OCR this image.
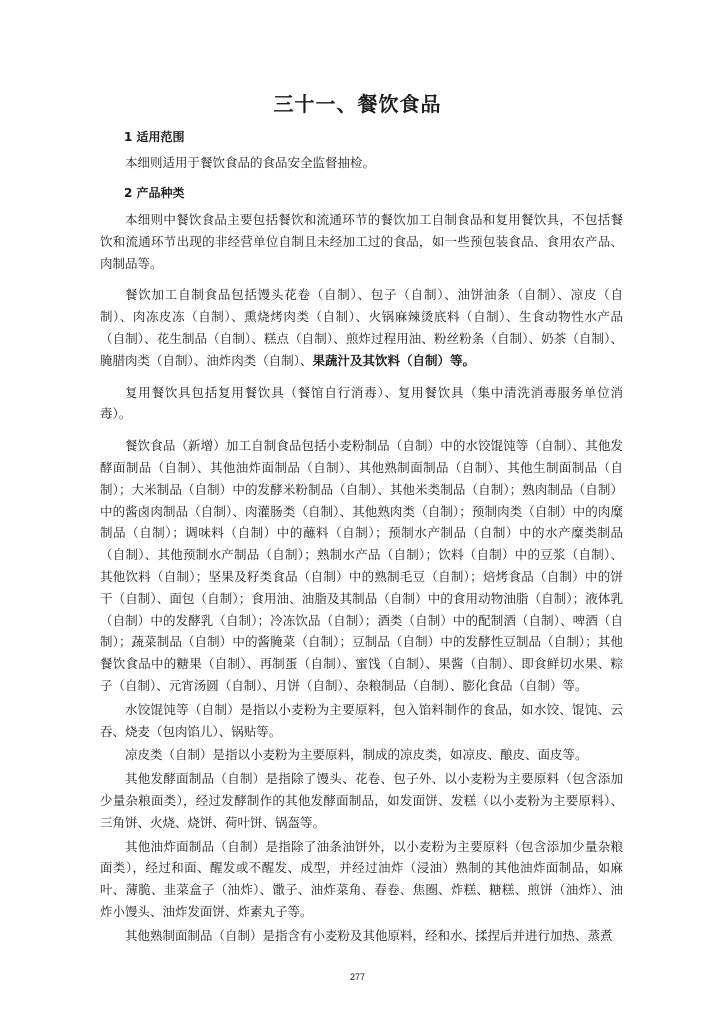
三十一、餐饮食品
1 适用范围

本细则适用于餐饮食品的食品安全监督抽检。

2 产品种类

本细则中餐饮食品主要包括餐饮和流通环节的餐饮加工自制食品和复用餐饮具，不包括餐饮和流通环节出现的非经营单位自制且未经加工过的食品，如一些预包装食品、食用农产品、肉制品等。

餐饮加工自制食品包括馒头花卷（自制）、包子（自制）、油饼油条（自制）、凉皮（自制）、肉冻皮冻（自制）、熏烧烤肉类（自制）、火锅麻辣烫底料（自制）、生食动物性水产品（自制）、花生制品（自制）、糕点（自制）、煎炸过程用油、粉丝粉条（自制）、奶茶（自制）、腌腊肉类（自制）、油炸肉类（自制）、果蔬汁及其饮料（自制）等。

复用餐饮具包括复用餐饮具（餐馆自行消毒）、复用餐饮具（集中清洗消毒服务单位消毒）。

餐饮食品（新增）加工自制食品包括小麦粉制品（自制）中的水饺馄饨等（自制）、其他发酵面制品（自制）、其他油炸面制品（自制）、其他熟制面制品（自制）、其他生制面制品（自制）；大米制品（自制）中的发酵米粉制品（自制）、其他米类制品（自制）；熟肉制品（自制）中的酱卤肉制品（自制）、肉灌肠类（自制）、其他熟肉类（自制）；预制肉类（自制）中的肉糜制品（自制）；调味料（自制）中的蘸料（自制）；预制水产制品（自制）中的水产糜类制品（自制）、其他预制水产制品（自制）；熟制水产品（自制）；饮料（自制）中的豆浆（自制）、其他饮料（自制）；坚果及籽类食品（自制）中的熟制毛豆（自制）；焙烤食品（自制）中的饼干（自制）、面包（自制）；食用油、油脂及其制品（自制）中的食用动物油脂（自制）；液体乳（自制）中的发酵乳（自制）；冷冻饮品（自制）；酒类（自制）中的配制酒（自制）、啤酒（自制）；蔬菜制品（自制）中的酱腌菜（自制）；豆制品（自制）中的发酵性豆制品（自制）；其他餐饮食品中的糖果（自制）、再制蛋（自制）、蜜饯（自制）、果酱（自制）、即食鲜切水果、粽子（自制）、元宵汤圆（自制）、月饼（自制）、杂粮制品（自制）、膨化食品（自制）等。

水饺馄饨等（自制）是指以小麦粉为主要原料，包入馅料制作的食品，如水饺、馄饨、云吞、烧麦（包肉馅儿）、锅贴等。

凉皮类（自制）是指以小麦粉为主要原料，制成的凉皮类，如凉皮、酿皮、面皮等。

其他发酵面制品（自制）是指除了馒头、花卷、包子外、以小麦粉为主要原料（包含添加少量杂粮面类），经过发酵制作的其他发酵面制品，如发面饼、发糕（以小麦粉为主要原料）、三角饼、火烧、烧饼、荷叶饼、锅盔等。

其他油炸面制品（自制）是指除了油条油饼外，以小麦粉为主要原料（包含添加少量杂粮面类），经过和面、醒发或不醒发、成型，并经过油炸（浸油）熟制的其他油炸面制品，如麻叶、薄脆、韭菜盒子（油炸）、馓子、油炸菜角、春卷、焦圈、炸糕、糖糕、煎饼（油炸）、油炸小馒头、油炸发面饼、炸素丸子等。

其他熟制面制品（自制）是指含有小麦粉及其他原料，经和水、揉捏后并进行加热、蒸煮

277
